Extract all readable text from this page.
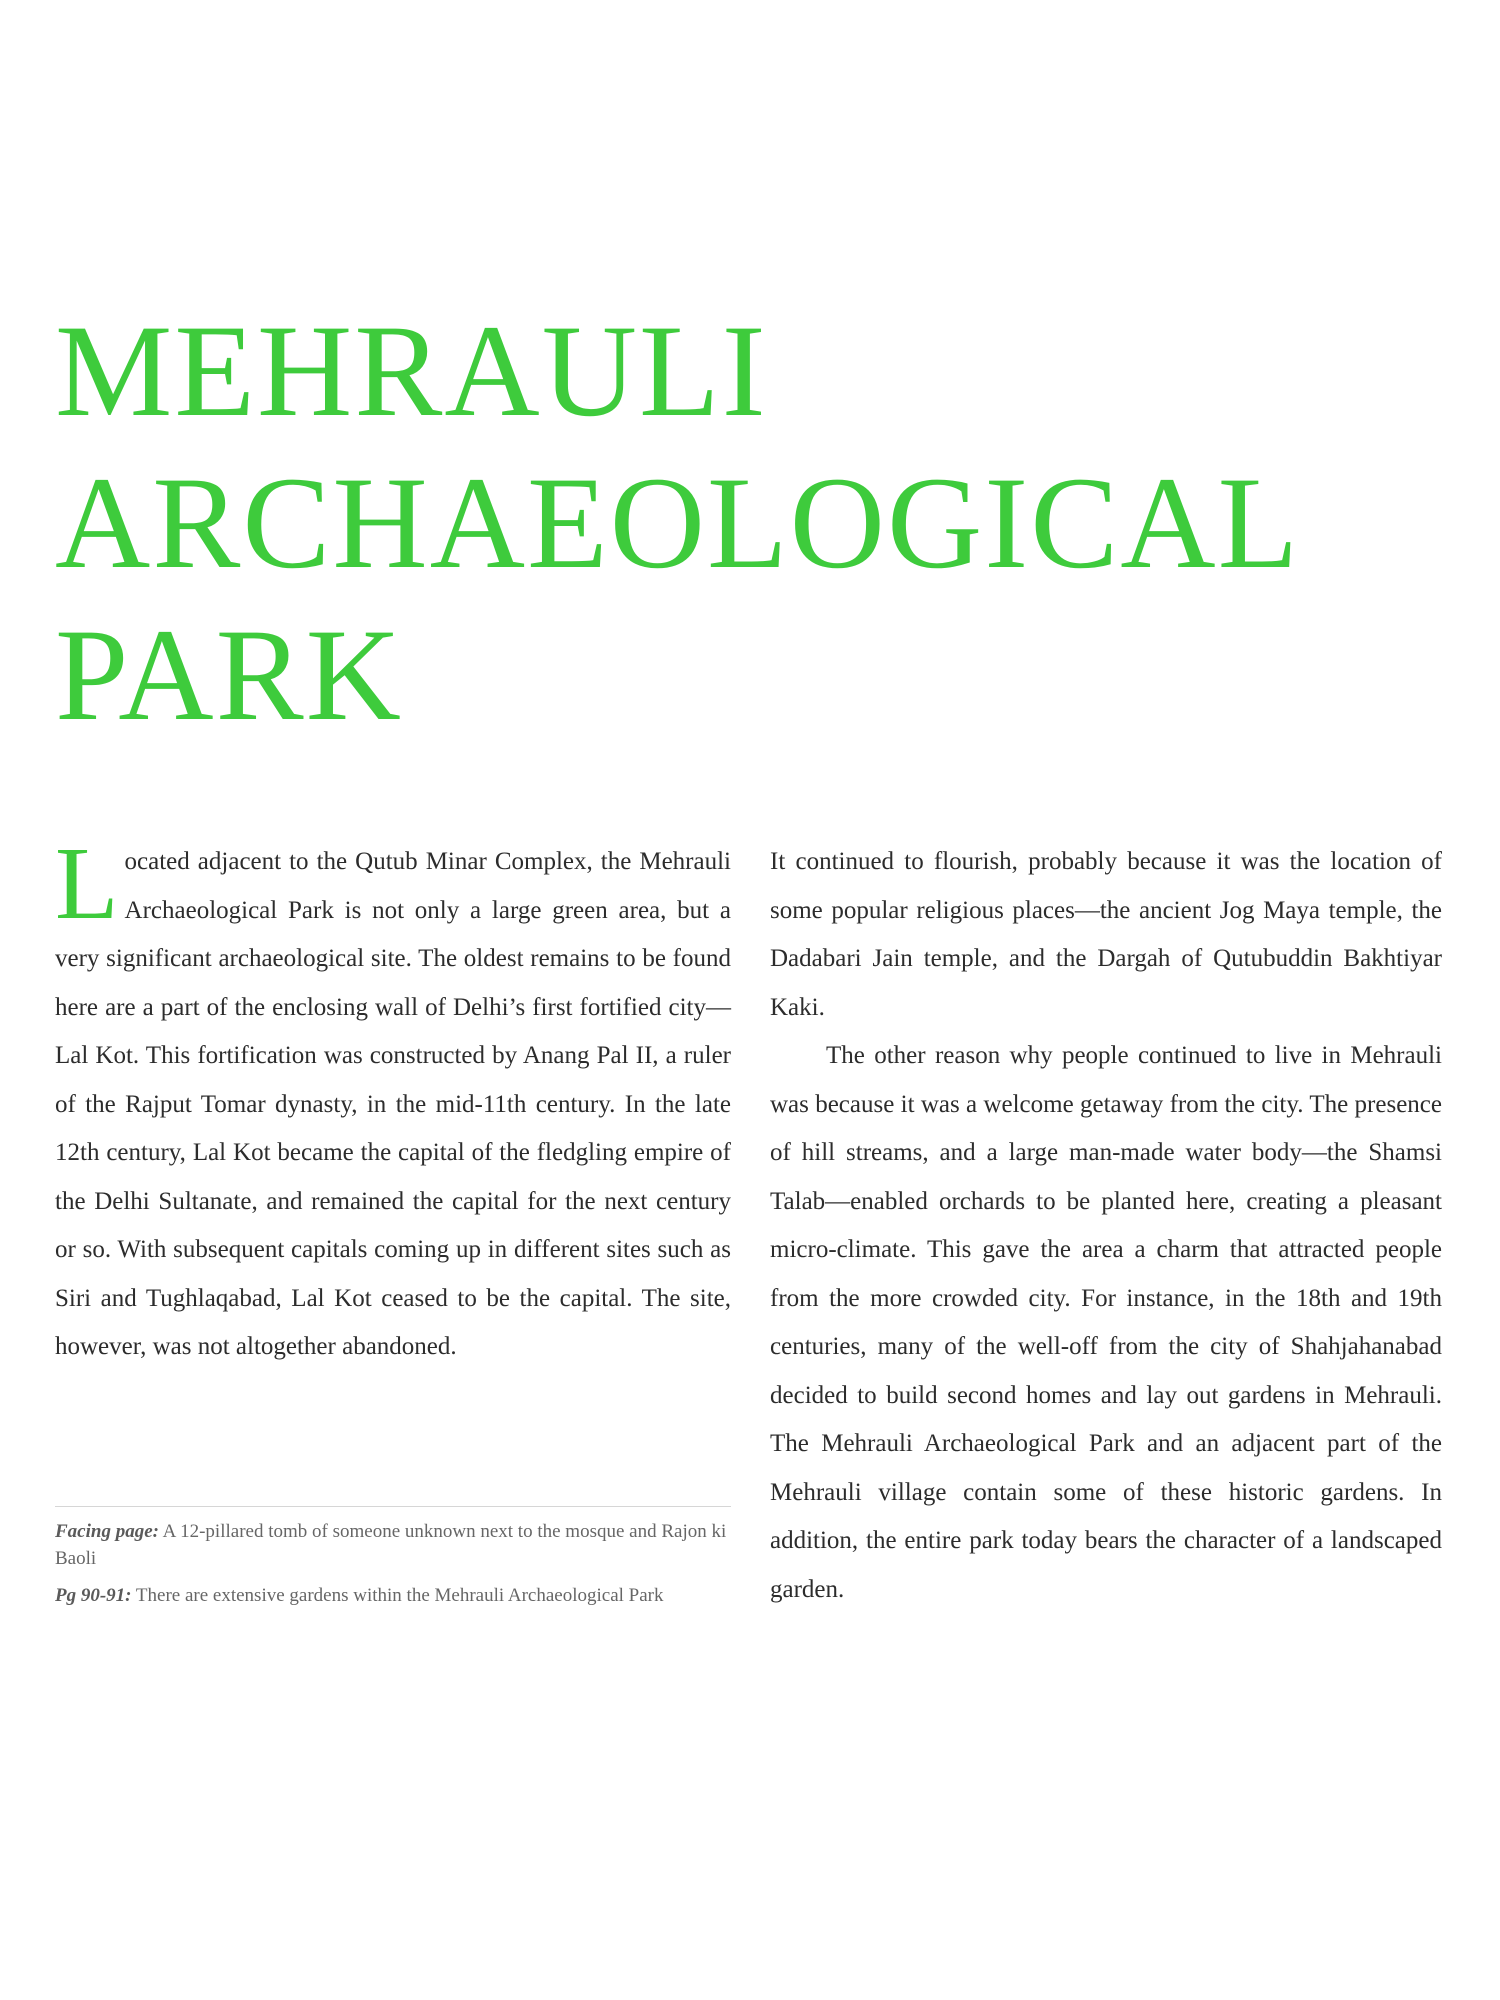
MEHRAULI
ARCHAEOLOGICAL
PARK

Located adjacent to the Qutub Minar Complex, the Mehrauli Archaeological Park is not only a large green area, but a very significant archaeological site. The oldest remains to be found here are a part of the enclosing wall of Delhi’s first fortified city—Lal Kot. This fortification was constructed by Anang Pal II, a ruler of the Rajput Tomar dynasty, in the mid-11th century. In the late 12th century, Lal Kot became the capital of the fledgling empire of the Delhi Sultanate, and remained the capital for the next century or so. With subsequent capitals coming up in different sites such as Siri and Tughlaqabad, Lal Kot ceased to be the capital. The site, however, was not altogether abandoned.

It continued to flourish, probably because it was the location of some popular religious places—the ancient Jog Maya temple, the Dadabari Jain temple, and the Dargah of Qutubuddin Bakhtiyar Kaki.

The other reason why people continued to live in Mehrauli was because it was a welcome getaway from the city. The presence of hill streams, and a large man-made water body—the Shamsi Talab—enabled orchards to be planted here, creating a pleasant micro-climate. This gave the area a charm that attracted people from the more crowded city. For instance, in the 18th and 19th centuries, many of the well-off from the city of Shahjahanabad decided to build second homes and lay out gardens in Mehrauli. The Mehrauli Archaeological Park and an adjacent part of the Mehrauli village contain some of these historic gardens. In addition, the entire park today bears the character of a landscaped garden.

Facing page: A 12-pillared tomb of someone unknown next to the mosque and Rajon ki Baoli

Pg 90-91: There are extensive gardens within the Mehrauli Archaeological Park
